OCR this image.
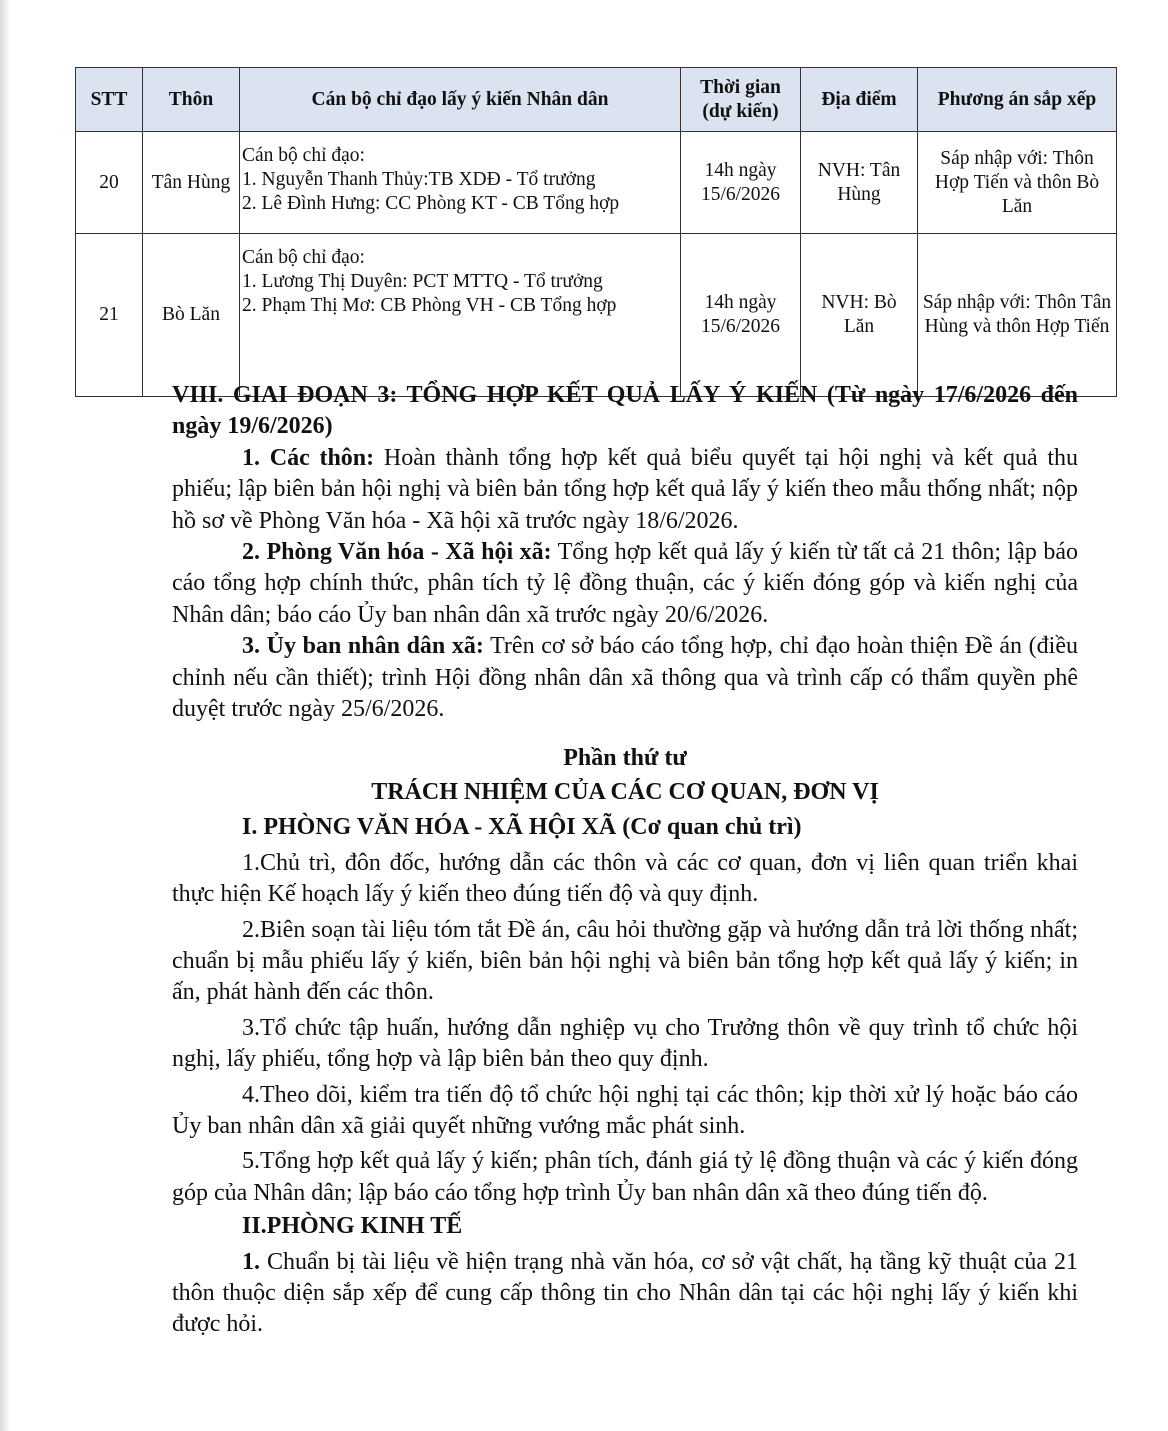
STT	Thôn	Cán bộ chỉ đạo lấy ý kiến Nhân dân	Thời gian (dự kiến)	Địa điểm	Phương án sắp xếp
20	Tân Hùng	Cán bộ chỉ đạo:
1. Nguyễn Thanh Thủy:TB XDĐ - Tổ trưởng
2. Lê Đình Hưng: CC Phòng KT - CB Tổng hợp	14h ngày 15/6/2026	NVH: Tân Hùng	Sáp nhập với: Thôn Hợp Tiến và thôn Bò Lăn
21	Bò Lăn	Cán bộ chỉ đạo:
1. Lương Thị Duyên: PCT MTTQ - Tổ trưởng
2. Phạm Thị Mơ: CB Phòng VH - CB Tổng hợp	14h ngày 15/6/2026	NVH: Bò Lăn	Sáp nhập với: Thôn Tân Hùng và thôn Hợp Tiến

VIII. GIAI ĐOẠN 3: TỔNG HỢP KẾT QUẢ LẤY Ý KIẾN (Từ ngày 17/6/2026 đến ngày 19/6/2026)

1. Các thôn: Hoàn thành tổng hợp kết quả biểu quyết tại hội nghị và kết quả thu phiếu; lập biên bản hội nghị và biên bản tổng hợp kết quả lấy ý kiến theo mẫu thống nhất; nộp hồ sơ về Phòng Văn hóa - Xã hội xã trước ngày 18/6/2026.

2. Phòng Văn hóa - Xã hội xã: Tổng hợp kết quả lấy ý kiến từ tất cả 21 thôn; lập báo cáo tổng hợp chính thức, phân tích tỷ lệ đồng thuận, các ý kiến đóng góp và kiến nghị của Nhân dân; báo cáo Ủy ban nhân dân xã trước ngày 20/6/2026.

3. Ủy ban nhân dân xã: Trên cơ sở báo cáo tổng hợp, chỉ đạo hoàn thiện Đề án (điều chỉnh nếu cần thiết); trình Hội đồng nhân dân xã thông qua và trình cấp có thẩm quyền phê duyệt trước ngày 25/6/2026.

Phần thứ tư

TRÁCH NHIỆM CỦA CÁC CƠ QUAN, ĐƠN VỊ

I. PHÒNG VĂN HÓA - XÃ HỘI XÃ (Cơ quan chủ trì)

1.Chủ trì, đôn đốc, hướng dẫn các thôn và các cơ quan, đơn vị liên quan triển khai thực hiện Kế hoạch lấy ý kiến theo đúng tiến độ và quy định.

2.Biên soạn tài liệu tóm tắt Đề án, câu hỏi thường gặp và hướng dẫn trả lời thống nhất; chuẩn bị mẫu phiếu lấy ý kiến, biên bản hội nghị và biên bản tổng hợp kết quả lấy ý kiến; in ấn, phát hành đến các thôn.

3.Tổ chức tập huấn, hướng dẫn nghiệp vụ cho Trưởng thôn về quy trình tổ chức hội nghị, lấy phiếu, tổng hợp và lập biên bản theo quy định.

4.Theo dõi, kiểm tra tiến độ tổ chức hội nghị tại các thôn; kịp thời xử lý hoặc báo cáo Ủy ban nhân dân xã giải quyết những vướng mắc phát sinh.

5.Tổng hợp kết quả lấy ý kiến; phân tích, đánh giá tỷ lệ đồng thuận và các ý kiến đóng góp của Nhân dân; lập báo cáo tổng hợp trình Ủy ban nhân dân xã theo đúng tiến độ.

II.PHÒNG KINH TẾ

1. Chuẩn bị tài liệu về hiện trạng nhà văn hóa, cơ sở vật chất, hạ tầng kỹ thuật của 21 thôn thuộc diện sắp xếp để cung cấp thông tin cho Nhân dân tại các hội nghị lấy ý kiến khi được hỏi.
